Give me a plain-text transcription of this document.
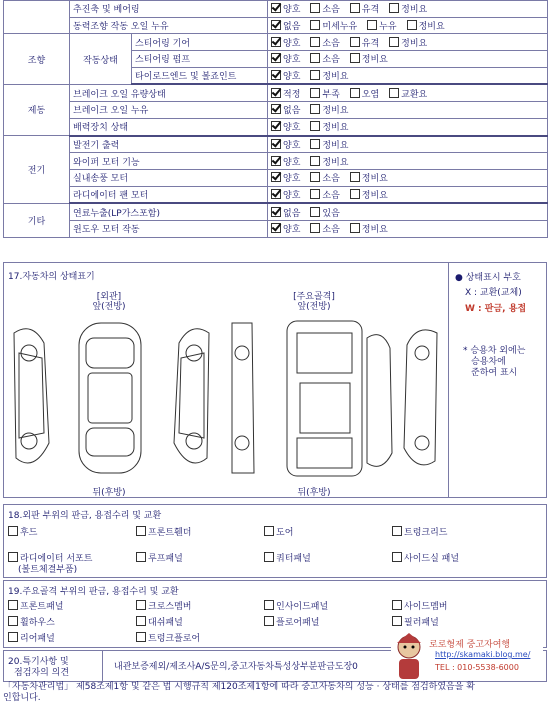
	추진축 및 베어링		양호 소음 유격 정비요
	동력조향 작동 오일 누유		없음 미세누유 누유 정비요
조향	작동상태	스티어링 기어	양호 소음 유격 정비요
		스티어링 펌프	양호 소음 정비요
		타이로드엔드 및 볼죠인트	양호 정비요
제동	브레이크 오일 유량상태		적정 부족 오염 교환요
	브레이크 오일 누유		없음 정비요
	배력장치 상태		양호 정비요
전기	발전기 출력		양호 정비요
	와이퍼 모터 기능		양호 정비요
	실내송풍 모터		양호 소음 정비요
	라디에이터 팬 모터		양호 소음 정비요
기타	연료누출(LP가스포함)		없음 있음
	윈도우 모터 작동		양호 소음 정비요
17.자동차의 상태표기
[외관]
앞(전방)
[주요골격]
앞(전방)
뒤(후방)	뒤(후방)
● 상태표시 부호
X : 교환(교체)
W : 판금, 용접
* 승용차 외에는
승용차에
준하여 표시
18.외판 부위의 판금, 용접수리 및 교환
후드	프론트휀더	도어	트렁크리드
라디에이터 서포트	루프패널	쿼터패널	사이드실 패널
(볼트체결부품)
19.주요골격 부위의 판금, 용접수리 및 교환
프론트패널	크로스멤버	인사이드패널	사이드멤버
휠하우스	대쉬패널	플로어패널	필러패널
리어패널	트렁크플로어
20.특기사항 및
점검자의 의견
내관보증제외/제조사A/S문의,중고자동차특성상부분판금도장0
로로형제 중고자여행
http://skamaki.blog.me/
TEL : 010-5538-6000
「자동차관리법」 제58조제1항 및 같은 법 시행규칙 제120조제1항에 따라 중고자동차의 성능 · 상태를 점검하였음을 확
인합니다.
